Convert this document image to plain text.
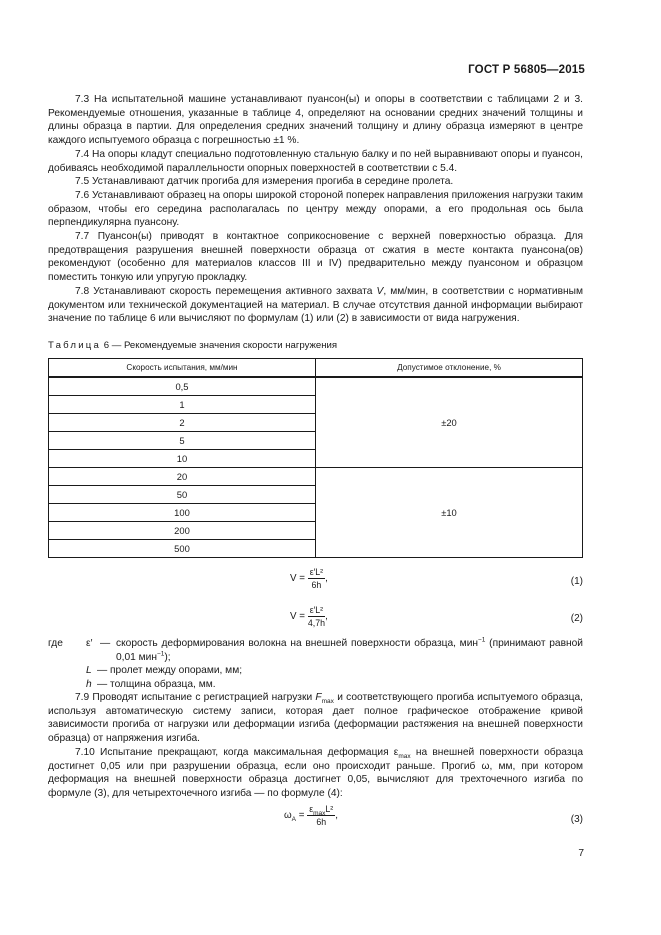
ГОСТ Р 56805—2015

7.3 На испытательной машине устанавливают пуансон(ы) и опоры в соответствии с таблицами 2 и 3. Рекомендуемые отношения, указанные в таблице 4, определяют на основании средних значений толщины и длины образца в партии. Для определения средних значений толщину и длину образца измеряют в центре каждого испытуемого образца с погрешностью ±1 %.

7.4 На опоры кладут специально подготовленную стальную балку и по ней выравнивают опоры и пуансон, добиваясь необходимой параллельности опорных поверхностей в соответствии с 5.4.

7.5 Устанавливают датчик прогиба для измерения прогиба в середине пролета.

7.6 Устанавливают образец на опоры широкой стороной поперек направления приложения нагрузки таким образом, чтобы его середина располагалась по центру между опорами, а его продольная ось была перпендикулярна пуансону.

7.7 Пуансон(ы) приводят в контактное соприкосновение с верхней поверхностью образца. Для предотвращения разрушения внешней поверхности образца от сжатия в месте контакта пуансона(ов) рекомендуют (особенно для материалов классов III и IV) предварительно между пуансоном и образцом поместить тонкую или упругую прокладку.

7.8 Устанавливают скорость перемещения активного захвата V, мм/мин, в соответствии с нормативным документом или технической документацией на материал. В случае отсутствия данной информации выбирают значение по таблице 6 или вычисляют по формулам (1) или (2) в зависимости от вида нагружения.

Таблица 6 — Рекомендуемые значения скорости нагружения
Скорость испытания, мм/мин	Допустимое отклонение, %
0,5	±20
1	
2	
5	
10	
20	±10
50	
100	
200	
500	
$V = \frac{\text{ε′L²}}{6h}$ ,	(1)
$V = \frac{\text{ε′L²}}{4,7h}$ ,	(2)
где	ε′ — скорость деформирования волокна на внешней поверхности образца, мин$^{-1}$ (принимают равной 0,01 мин$^{-1}$);
L — пролет между опорами, мм;
h — толщина образца, мм.

7.9 Проводят испытание с регистрацией нагрузки $F_{max}$ и соответствующего прогиба испытуемого образца, используя автоматическую систему записи, которая дает полное графическое отображение кривой зависимости прогиба от нагрузки или деформации изгиба (деформации растяжения на внешней поверхности образца) от напряжения изгиба.

7.10 Испытание прекращают, когда максимальная деформация $\varepsilon_{max}$ на внешней поверхности образца достигнет 0,05 или при разрушении образца, если оно происходит раньше. Прогиб ω, мм, при котором деформация на внешней поверхности образца достигнет 0,05, вычисляют для трехточечного изгиба по формуле (3), для четырехточечного изгиба — по формуле (4):

$\omega_A = \frac{\varepsilon_{max}L^2}{6h}$ ,	(3)
7
